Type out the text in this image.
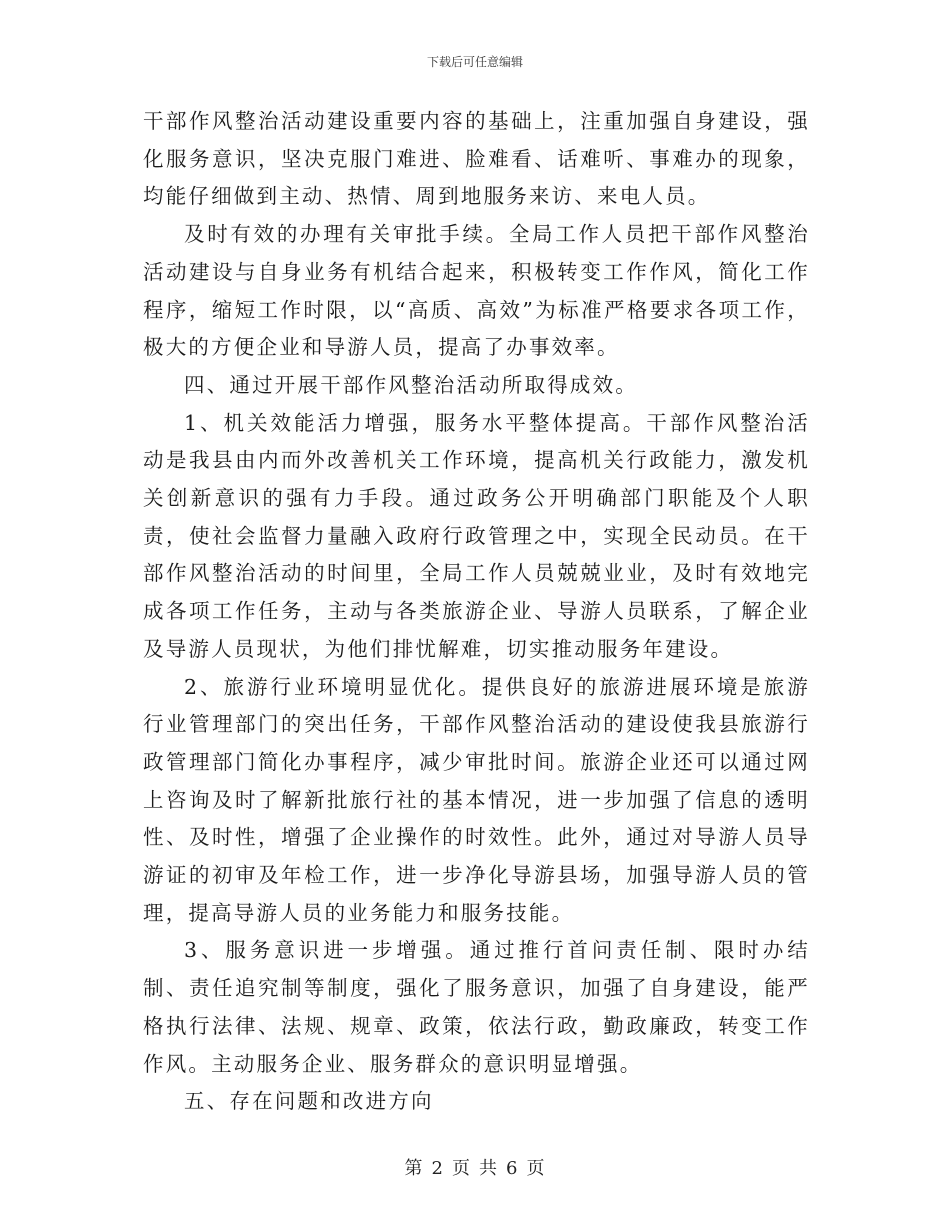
下载后可任意编辑

干部作风整治活动建设重要内容的基础上，注重加强自身建设，强化服务意识，坚决克服门难进、脸难看、话难听、事难办的现象，均能仔细做到主动、热情、周到地服务来访、来电人员。

及时有效的办理有关审批手续。全局工作人员把干部作风整治活动建设与自身业务有机结合起来，积极转变工作作风，简化工作程序，缩短工作时限，以“高质、高效”为标准严格要求各项工作，极大的方便企业和导游人员，提高了办事效率。

四、通过开展干部作风整治活动所取得成效。

1、机关效能活力增强，服务水平整体提高。干部作风整治活动是我县由内而外改善机关工作环境，提高机关行政能力，激发机关创新意识的强有力手段。通过政务公开明确部门职能及个人职责，使社会监督力量融入政府行政管理之中，实现全民动员。在干部作风整治活动的时间里，全局工作人员兢兢业业，及时有效地完成各项工作任务，主动与各类旅游企业、导游人员联系，了解企业及导游人员现状，为他们排忧解难，切实推动服务年建设。

2、旅游行业环境明显优化。提供良好的旅游进展环境是旅游行业管理部门的突出任务，干部作风整治活动的建设使我县旅游行政管理部门简化办事程序，减少审批时间。旅游企业还可以通过网上咨询及时了解新批旅行社的基本情况，进一步加强了信息的透明性、及时性，增强了企业操作的时效性。此外，通过对导游人员导游证的初审及年检工作，进一步净化导游县场，加强导游人员的管理，提高导游人员的业务能力和服务技能。

3、服务意识进一步增强。通过推行首问责任制、限时办结制、责任追究制等制度，强化了服务意识，加强了自身建设，能严格执行法律、法规、规章、政策，依法行政，勤政廉政，转变工作作风。主动服务企业、服务群众的意识明显增强。

五、存在问题和改进方向

第 2 页 共 6 页
